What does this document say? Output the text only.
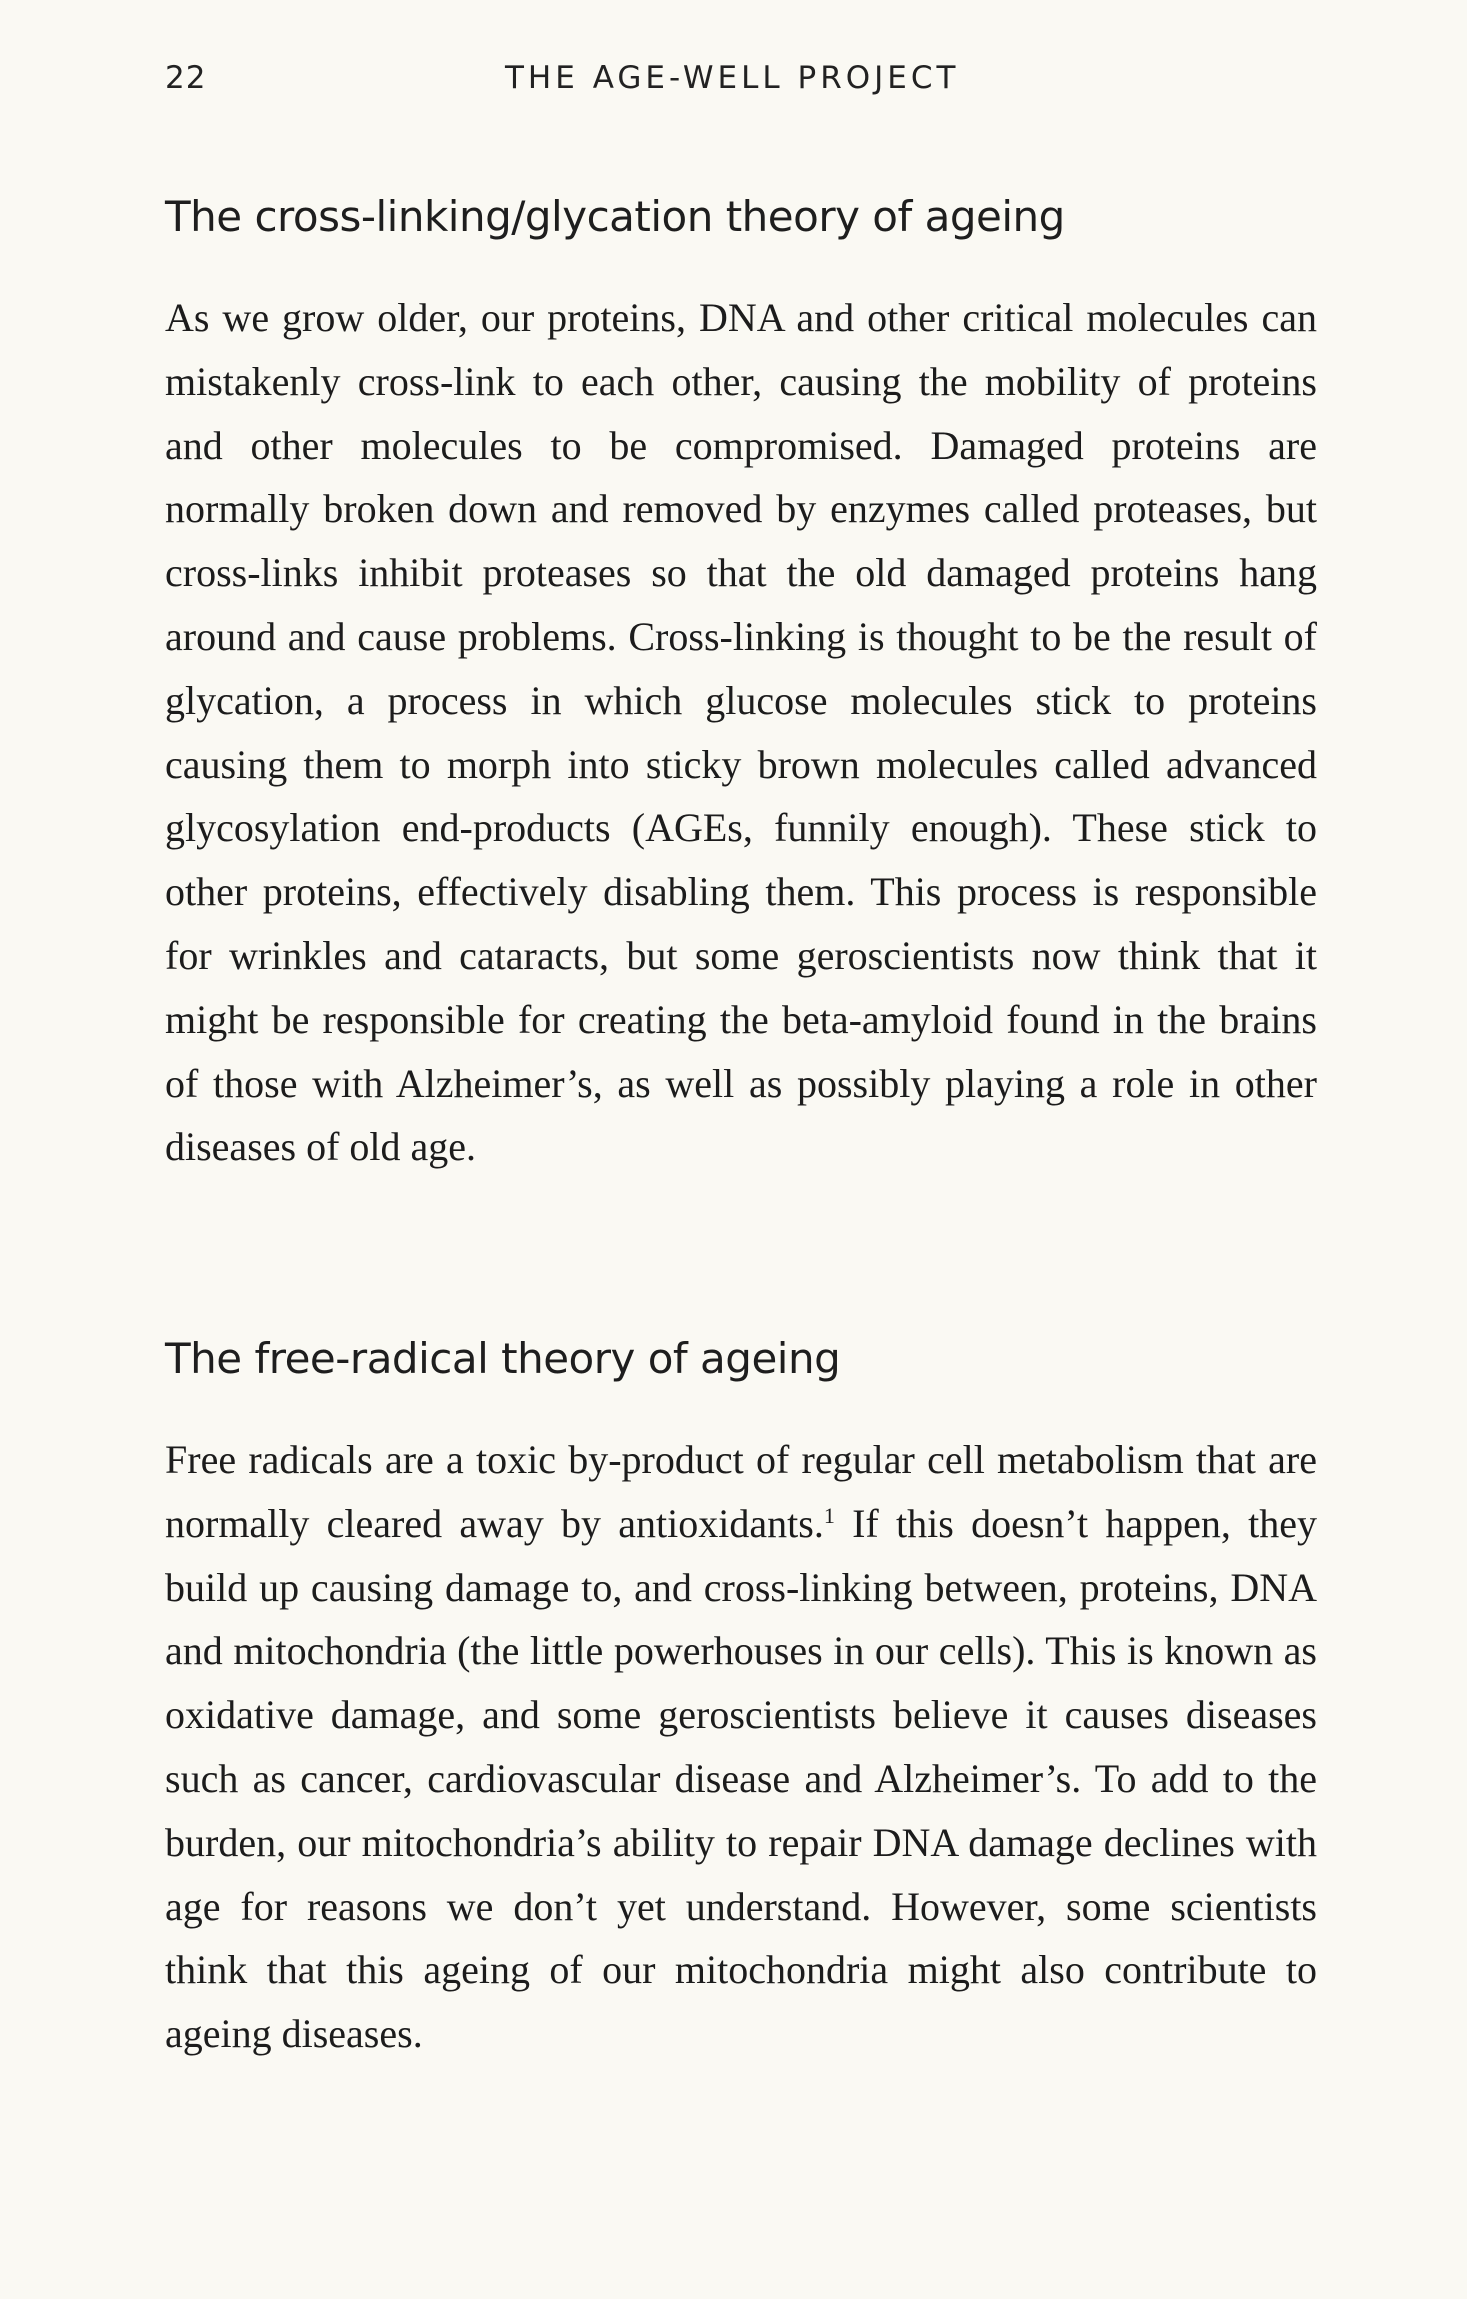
22	THE AGE-WELL PROJECT
The cross-linking/glycation theory of ageing

As we grow older, our proteins, DNA and other critical molecules can mistakenly cross-link to each other, causing the mobility of proteins and other molecules to be compromised. Damaged proteins are normally broken down and removed by enzymes called proteases, but cross-links inhibit proteases so that the old damaged proteins hang around and cause problems. Cross-linking is thought to be the result of glycation, a process in which glucose molecules stick to proteins causing them to morph into sticky brown molecules called advanced glycosylation end-products (AGEs, funnily enough). These stick to other proteins, effectively disabling them. This process is responsible for wrinkles and cataracts, but some geroscientists now think that it might be responsible for creating the beta-amyloid found in the brains of those with Alzheimer’s, as well as possibly playing a role in other diseases of old age.

The free-radical theory of ageing

Free radicals are a toxic by-product of regular cell metabolism that are normally cleared away by antioxidants.$^1$ If this doesn’t happen, they build up causing damage to, and cross-linking between, proteins, DNA and mitochondria (the little powerhouses in our cells). This is known as oxidative damage, and some geroscientists believe it causes diseases such as cancer, cardiovascular disease and Alzheimer’s. To add to the burden, our mitochondria’s ability to repair DNA damage declines with age for reasons we don’t yet understand. However, some scientists think that this ageing of our mitochondria might also contribute to ageing diseases.
